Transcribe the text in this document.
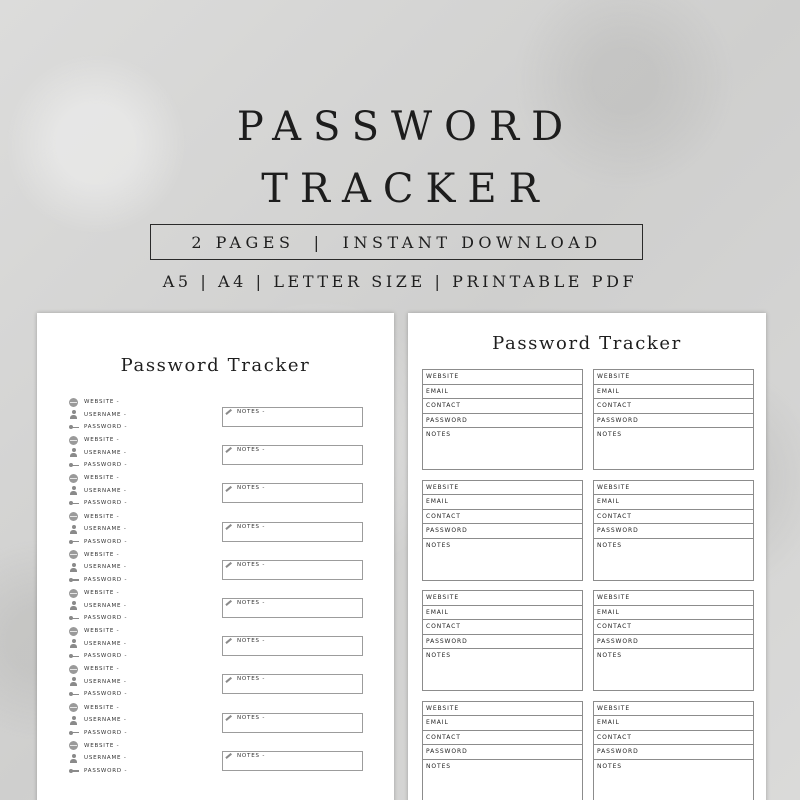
PASSWORD
TRACKER
2 PAGES  |  INSTANT DOWNLOAD
A5 | A4 | LETTER SIZE | PRINTABLE PDF
Password Tracker
WEBSITE -
USERNAME -
PASSWORD -
NOTES -
WEBSITE -
USERNAME -
PASSWORD -
NOTES -
WEBSITE -
USERNAME -
PASSWORD -
NOTES -
WEBSITE -
USERNAME -
PASSWORD -
NOTES -
WEBSITE -
USERNAME -
PASSWORD -
NOTES -
WEBSITE -
USERNAME -
PASSWORD -
NOTES -
WEBSITE -
USERNAME -
PASSWORD -
NOTES -
WEBSITE -
USERNAME -
PASSWORD -
NOTES -
WEBSITE -
USERNAME -
PASSWORD -
NOTES -
WEBSITE -
USERNAME -
PASSWORD -
NOTES -
Password Tracker
WEBSITE
EMAIL
CONTACT
PASSWORD
NOTES
WEBSITE
EMAIL
CONTACT
PASSWORD
NOTES
WEBSITE
EMAIL
CONTACT
PASSWORD
NOTES
WEBSITE
EMAIL
CONTACT
PASSWORD
NOTES
WEBSITE
EMAIL
CONTACT
PASSWORD
NOTES
WEBSITE
EMAIL
CONTACT
PASSWORD
NOTES
WEBSITE
EMAIL
CONTACT
PASSWORD
NOTES
WEBSITE
EMAIL
CONTACT
PASSWORD
NOTES
